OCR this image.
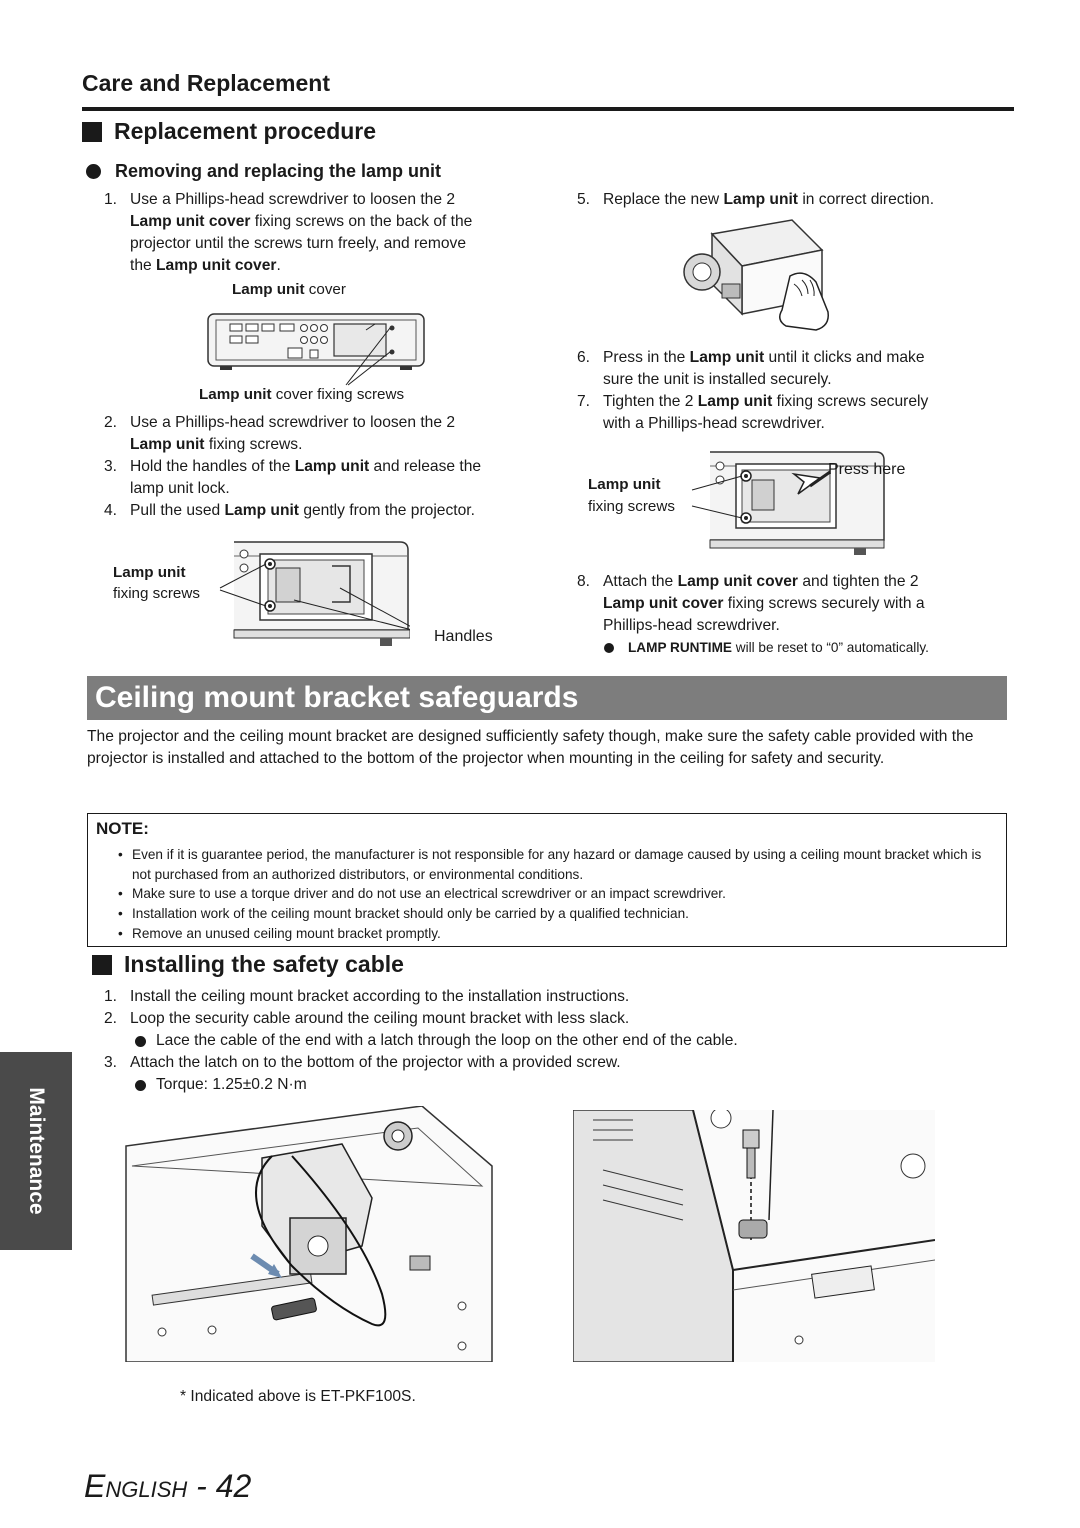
Care and Replacement
Replacement procedure
Removing and replacing the lamp unit
1. Use a Phillips-head screwdriver to loosen the 2
Lamp unit cover fixing screws on the back of the
projector until the screws turn freely, and remove
the Lamp unit cover.
Lamp unit cover
Lamp unit cover fixing screws
2. Use a Phillips-head screwdriver to loosen the 2
Lamp unit fixing screws.
3. Hold the handles of the Lamp unit and release the
lamp unit lock.
4. Pull the used Lamp unit gently from the projector.
Lamp unit
fixing screws
Handles
5. Replace the new Lamp unit in correct direction.
6. Press in the Lamp unit until it clicks and make
sure the unit is installed securely.
7. Tighten the 2 Lamp unit fixing screws securely
with a Phillips-head screwdriver.
Lamp unit
fixing screws
Press here
8. Attach the Lamp unit cover and tighten the 2
Lamp unit cover fixing screws securely with a
Phillips-head screwdriver.
LAMP RUNTIME will be reset to “0” automatically.
Ceiling mount bracket safeguards
The projector and the ceiling mount bracket are designed sufficiently safety though, make sure the safety cable provided with the projector is installed and attached to the bottom of the projector when mounting in the ceiling for safety and security.
NOTE:
• Even if it is guarantee period, the manufacturer is not responsible for any hazard or damage caused by using a ceiling mount bracket which is not purchased from an authorized distributors, or environmental conditions.
• Make sure to use a torque driver and do not use an electrical screwdriver or an impact screwdriver.
• Installation work of the ceiling mount bracket should only be carried by a qualified technician.
• Remove an unused ceiling mount bracket promptly.
Installing the safety cable
1. Install the ceiling mount bracket according to the installation instructions.
2. Loop the security cable around the ceiling mount bracket with less slack.
Lace the cable of the end with a latch through the loop on the other end of the cable.
3. Attach the latch on to the bottom of the projector with a provided screw.
Torque: 1.25±0.2 N·m
* Indicated above is ET-PKF100S.
Maintenance
English - 42
